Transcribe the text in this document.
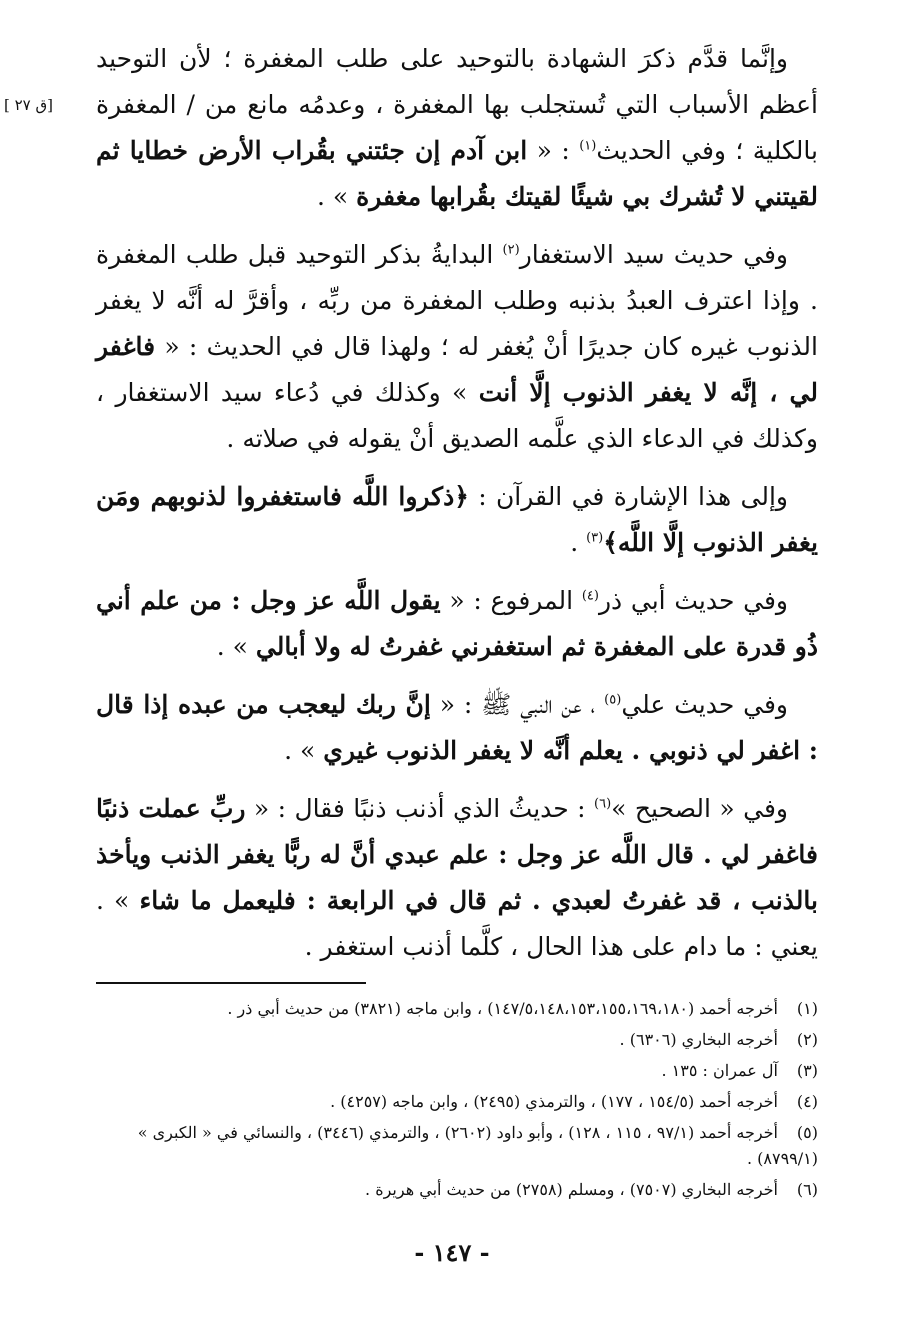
[ق ٢٧ ]

وإنَّما قدَّم ذكرَ الشهادة بالتوحيد على طلب المغفرة ؛ لأن التوحيد أعظم الأسباب التي تُستجلب بها المغفرة ، وعدمُه مانع من / المغفرة بالكلية ؛ وفي الحديث$^{(١)}$ : « ابن آدم إن جئتني بقُراب الأرض خطايا ثم لقيتني لا تُشرك بي شيئًا لقيتك بقُرابها مغفرة » .

وفي حديث سيد الاستغفار$^{(٢)}$ البدايةُ بذكر التوحيد قبل طلب المغفرة . وإذا اعترف العبدُ بذنبه وطلب المغفرة من ربِّه ، وأقرَّ له أنَّه لا يغفر الذنوب غيره كان جديرًا أنْ يُغفر له ؛ ولهذا قال في الحديث : « فاغفر لي ، إنَّه لا يغفر الذنوب إلَّا أنت » وكذلك في دُعاء سيد الاستغفار ، وكذلك في الدعاء الذي علَّمه الصديق أنْ يقوله في صلاته .

وإلى هذا الإشارة في القرآن : ﴿ذكروا اللَّه فاستغفروا لذنوبهم ومَن يغفر الذنوب إلَّا اللَّه﴾$^{(٣)}$ .

وفي حديث أبي ذر$^{(٤)}$ المرفوع : « يقول اللَّه عز وجل : من علم أني ذُو قدرة على المغفرة ثم استغفرني غفرتُ له ولا أبالي » .

وفي حديث علي$^{(٥)}$ ، عن النبي ﷺ : « إنَّ ربك ليعجب من عبده إذا قال : اغفر لي ذنوبي . يعلم أنَّه لا يغفر الذنوب غيري » .

وفي « الصحيح »$^{(٦)}$ : حديثُ الذي أذنب ذنبًا فقال : « ربِّ عملت ذنبًا فاغفر لي . قال اللَّه عز وجل : علم عبدي أنَّ له ربًّا يغفر الذنب ويأخذ بالذنب ، قد غفرتُ لعبدي . ثم قال في الرابعة : فليعمل ما شاء » . يعني : ما دام على هذا الحال ، كلَّما أذنب استغفر .

(١)أخرجه أحمد (١٤٧/٥،١٤٨،١٥٣،١٥٥،١٦٩،١٨٠) ، وابن ماجه (٣٨٢١) من حديث أبي ذر .
(٢)أخرجه البخاري (٦٣٠٦) .
(٣)آل عمران : ١٣٥ .
(٤)أخرجه أحمد (١٥٤/٥ ، ١٧٧) ، والترمذي (٢٤٩٥) ، وابن ماجه (٤٢٥٧) .
(٥)أخرجه أحمد (٩٧/١ ، ١١٥ ، ١٢٨) ، وأبو داود (٢٦٠٢) ، والترمذي (٣٤٤٦) ، والنسائي في « الكبرى » (٨٧٩٩/١) .
(٦)أخرجه البخاري (٧٥٠٧) ، ومسلم (٢٧٥٨) من حديث أبي هريرة .
- ١٤٧ -
